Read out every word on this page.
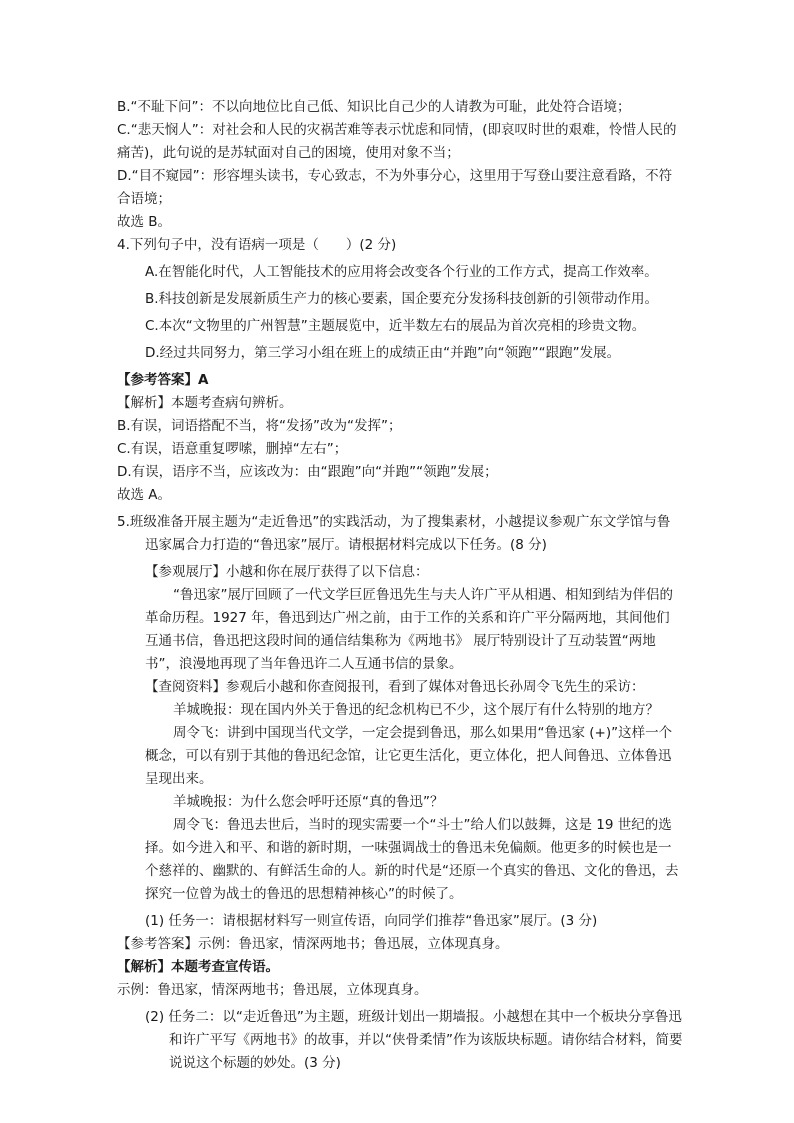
B.“不耻下问”：不以向地位比自己低、知识比自己少的人请教为可耻，此处符合语境；

C.“悲天悯人”：对社会和人民的灾祸苦难等表示忧虑和同情，(即哀叹时世的艰难，怜惜人民的痛苦)，此句说的是苏轼面对自己的困境，使用对象不当；

D.“目不窥园”：形容埋头读书，专心致志，不为外事分心，这里用于写登山要注意看路，不符合语境；

故选 B。

4.下列句子中，没有语病一项是（　　）(2 分)

A.在智能化时代，人工智能技术的应用将会改变各个行业的工作方式，提高工作效率。

B.科技创新是发展新质生产力的核心要素，国企要充分发扬科技创新的引领带动作用。

C.本次“文物里的广州智慧”主题展览中，近半数左右的展品为首次亮相的珍贵文物。

D.经过共同努力，第三学习小组在班上的成绩正由“并跑”向“领跑”“跟跑”发展。

【参考答案】A

【解析】本题考查病句辨析。

B.有误，词语搭配不当，将“发扬”改为“发挥”；

C.有误，语意重复啰嗦，删掉“左右”；

D.有误，语序不当，应该改为：由“跟跑”向“并跑”“领跑”发展；

故选 A。

5.班级准备开展主题为“走近鲁迅”的实践活动，为了搜集素材，小越提议参观广东文学馆与鲁迅家属合力打造的“鲁迅家”展厅。请根据材料完成以下任务。(8 分)

【参观展厅】小越和你在展厅获得了以下信息：

“鲁迅家”展厅回顾了一代文学巨匠鲁迅先生与夫人许广平从相遇、相知到结为伴侣的革命历程。1927 年，鲁迅到达广州之前，由于工作的关系和许广平分隔两地，其间他们互通书信，鲁迅把这段时间的通信结集称为《两地书》 展厅特别设计了互动装置“两地书”，浪漫地再现了当年鲁迅许二人互通书信的景象。

【查阅资料】参观后小越和你查阅报刊，看到了媒体对鲁迅长孙周令飞先生的采访：

羊城晚报：现在国内外关于鲁迅的纪念机构已不少，这个展厅有什么特别的地方？

周令飞：讲到中国现当代文学，一定会提到鲁迅，那么如果用“鲁迅家 (+)”这样一个概念，可以有别于其他的鲁迅纪念馆，让它更生活化，更立体化，把人间鲁迅、立体鲁迅呈现出来。

羊城晚报：为什么您会呼吁还原“真的鲁迅”？

周令飞：鲁迅去世后，当时的现实需要一个“斗士”给人们以鼓舞，这是 19 世纪的选择。如今进入和平、和谐的新时期，一味强调战士的鲁迅未免偏颇。他更多的时候也是一个慈祥的、幽默的、有鲜活生命的人。新的时代是“还原一个真实的鲁迅、文化的鲁迅，去探究一位曾为战士的鲁迅的思想精神核心”的时候了。

(1) 任务一：请根据材料写一则宣传语，向同学们推荐“鲁迅家”展厅。(3 分)

【参考答案】示例：鲁迅家，情深两地书；鲁迅展，立体现真身。

【解析】本题考查宣传语。

示例：鲁迅家，情深两地书；鲁迅展，立体现真身。

(2) 任务二：以“走近鲁迅”为主题，班级计划出一期墙报。小越想在其中一个板块分享鲁迅和许广平写《两地书》的故事，并以“侠骨柔情”作为该版块标题。请你结合材料，简要说说这个标题的妙处。(3 分)
